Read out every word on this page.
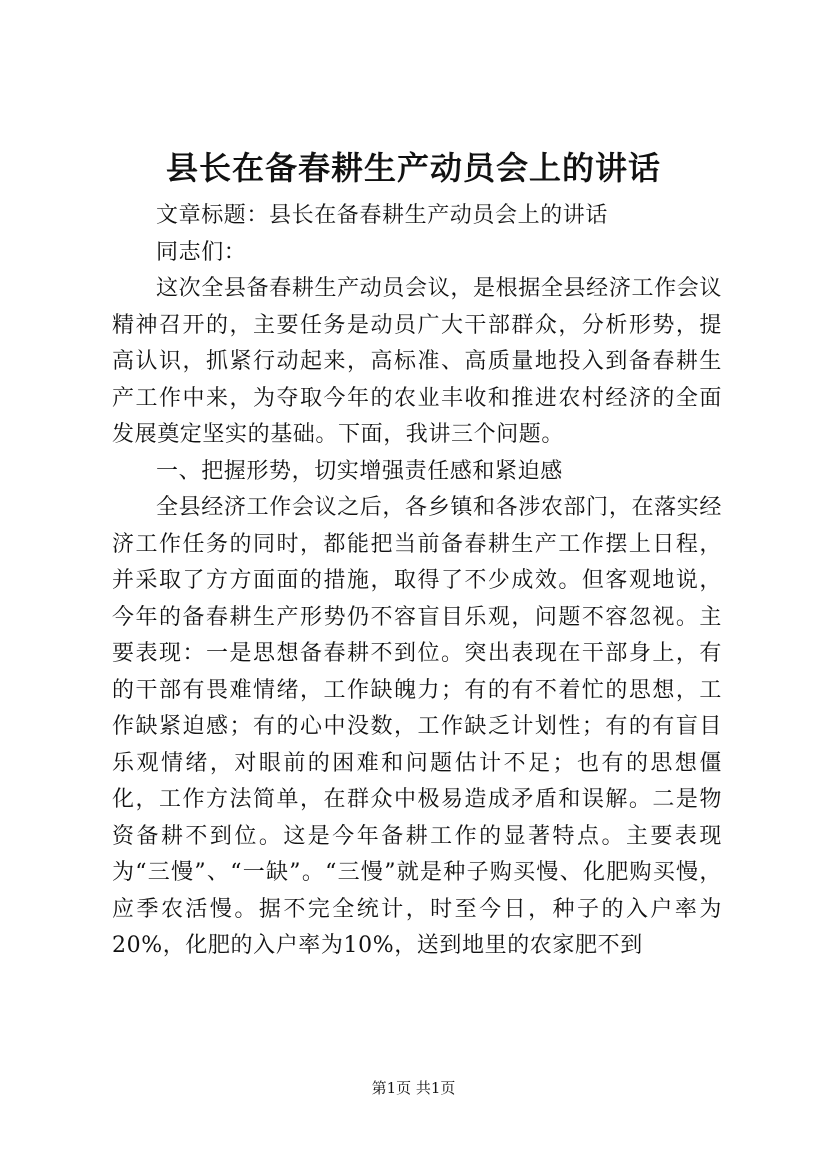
县长在备春耕生产动员会上的讲话

文章标题：县长在备春耕生产动员会上的讲话

同志们：

这次全县备春耕生产动员会议，是根据全县经济工作会议精神召开的，主要任务是动员广大干部群众，分析形势，提高认识，抓紧行动起来，高标准、高质量地投入到备春耕生产工作中来，为夺取今年的农业丰收和推进农村经济的全面发展奠定坚实的基础。下面，我讲三个问题。

一、把握形势，切实增强责任感和紧迫感

全县经济工作会议之后，各乡镇和各涉农部门，在落实经济工作任务的同时，都能把当前备春耕生产工作摆上日程，并采取了方方面面的措施，取得了不少成效。但客观地说，今年的备春耕生产形势仍不容盲目乐观，问题不容忽视。主要表现：一是思想备春耕不到位。突出表现在干部身上，有的干部有畏难情绪，工作缺魄力；有的有不着忙的思想，工作缺紧迫感；有的心中没数，工作缺乏计划性；有的有盲目乐观情绪，对眼前的困难和问题估计不足；也有的思想僵化，工作方法简单，在群众中极易造成矛盾和误解。二是物资备耕不到位。这是今年备耕工作的显著特点。主要表现为“三慢”、“一缺”。“三慢”就是种子购买慢、化肥购买慢，应季农活慢。据不完全统计，时至今日，种子的入户率为20%，化肥的入户率为10%，送到地里的农家肥不到

第1页 共1页
